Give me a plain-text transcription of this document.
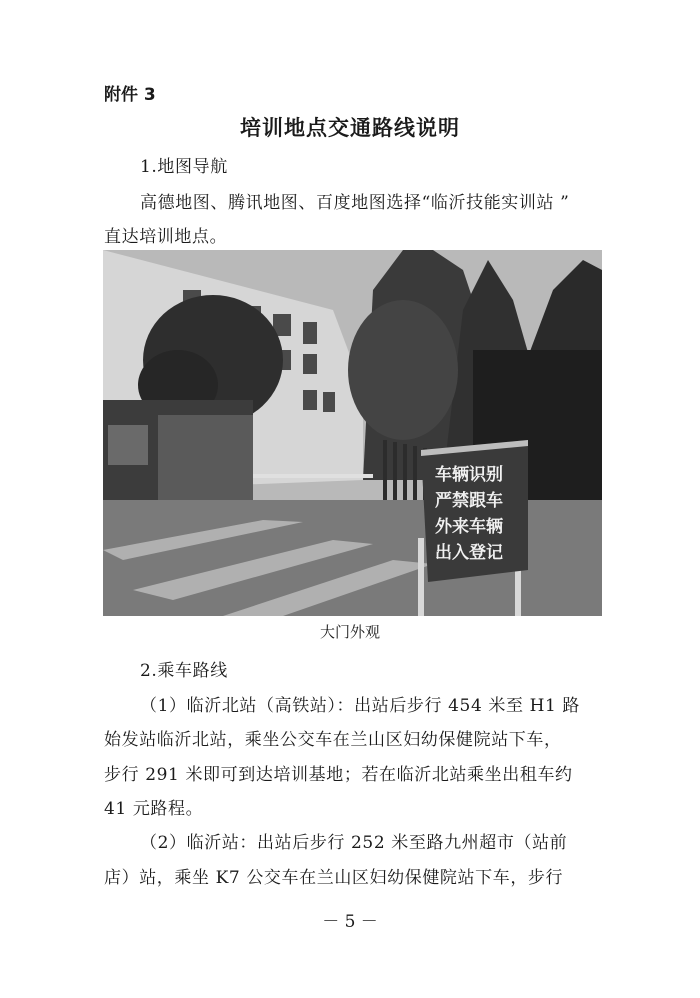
附件 3
培训地点交通路线说明
1.地图导航
高德地图、腾讯地图、百度地图选择“临沂技能实训站 ”
直达培训地点。
车辆识别
严禁跟车
外来车辆
出入登记
大门外观
2.乘车路线
（1）临沂北站（高铁站）：出站后步行 454 米至 H1 路
始发站临沂北站，乘坐公交车在兰山区妇幼保健院站下车，
步行 291 米即可到达培训基地；若在临沂北站乘坐出租车约
41 元路程。
（2）临沂站：出站后步行 252 米至路九州超市（站前
店）站，乘坐 K7 公交车在兰山区妇幼保健院站下车，步行
－ 5 －
